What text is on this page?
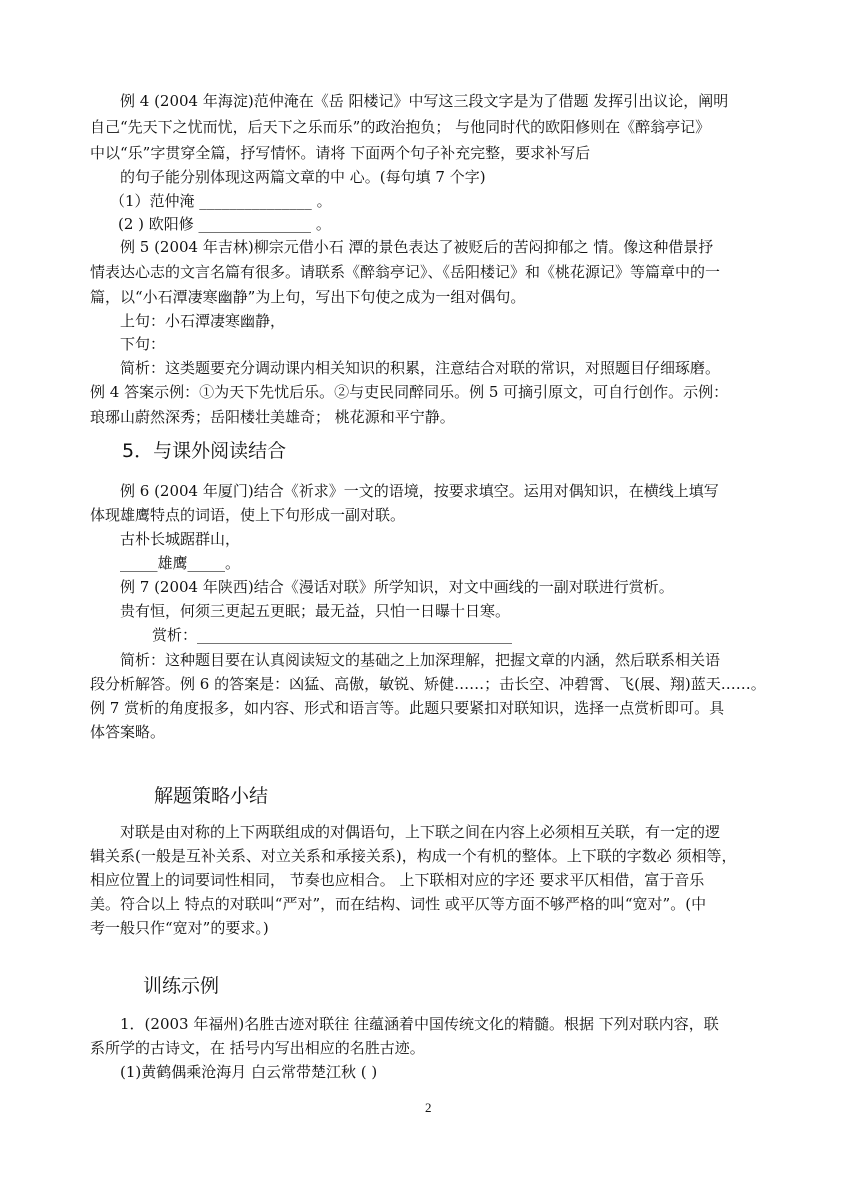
例 4 (2004 年海淀)范仲淹在《岳 阳楼记》中写这三段文字是为了借题 发挥引出议论，阐明
自己“先天下之忧而忧，后天下之乐而乐”的政治抱负； 与他同时代的欧阳修则在《醉翁亭记》
中以“乐”字贯穿全篇，抒写情怀。请将 下面两个句子补充完整，要求补写后
的句子能分别体现这两篇文章的中 心。(每句填 7 个字)
（1）范仲淹 _______________ 。
(2 ) 欧阳修 _______________ 。
例 5 (2004 年吉林)柳宗元借小石 潭的景色表达了被贬后的苦闷抑郁之 情。像这种借景抒
情表达心志的文言名篇有很多。请联系《醉翁亭记》、《岳阳楼记》和《桃花源记》等篇章中的一
篇，以“小石潭凄寒幽静”为上句，写出下句使之成为一组对偶句。
上句：小石潭凄寒幽静，
下句：
简析：这类题要充分调动课内相关知识的积累，注意结合对联的常识，对照题目仔细琢磨。
例 4 答案示例：①为天下先忧后乐。②与吏民同醉同乐。例 5 可摘引原文，可自行创作。示例：
琅琊山蔚然深秀；岳阳楼壮美雄奇； 桃花源和平宁静。
5．与课外阅读结合
例 6 (2004 年厦门)结合《祈求》一文的语境，按要求填空。运用对偶知识，在横线上填写
体现雄鹰特点的词语，使上下句形成一副对联。
古朴长城踞群山，
_____雄鹰_____。
例 7 (2004 年陕西)结合《漫话对联》所学知识，对文中画线的一副对联进行赏析。
贵有恒，何须三更起五更眠；最无益，只怕一日曝十日寒。
赏析：__________________________________________
简析：这种题目要在认真阅读短文的基础之上加深理解，把握文章的内涵，然后联系相关语
段分析解答。例 6 的答案是：凶猛、高傲，敏锐、矫健……；击长空、冲碧霄、飞(展、翔)蓝天……。
例 7 赏析的角度报多，如内容、形式和语言等。此题只要紧扣对联知识，选择一点赏析即可。具
体答案略。
解题策略小结
对联是由对称的上下两联组成的对偶语句，上下联之间在内容上必须相互关联，有一定的逻
辑关系(一般是互补关系、对立关系和承接关系)，构成一个有机的整体。上下联的字数必 须相等，
相应位置上的词要词性相同， 节奏也应相合。 上下联相对应的字还 要求平仄相借，富于音乐
美。符合以上 特点的对联叫“严对”，而在结构、词性 或平仄等方面不够严格的叫“宽对”。(中
考一般只作“宽对”的要求。)
训练示例
1．(2003 年福州)名胜古迹对联往 往蕴涵着中国传统文化的精髓。根据 下列对联内容，联
系所学的古诗文，在 括号内写出相应的名胜古迹。
(1)黄鹤偶乘沧海月 白云常带楚江秋 ( )
2
